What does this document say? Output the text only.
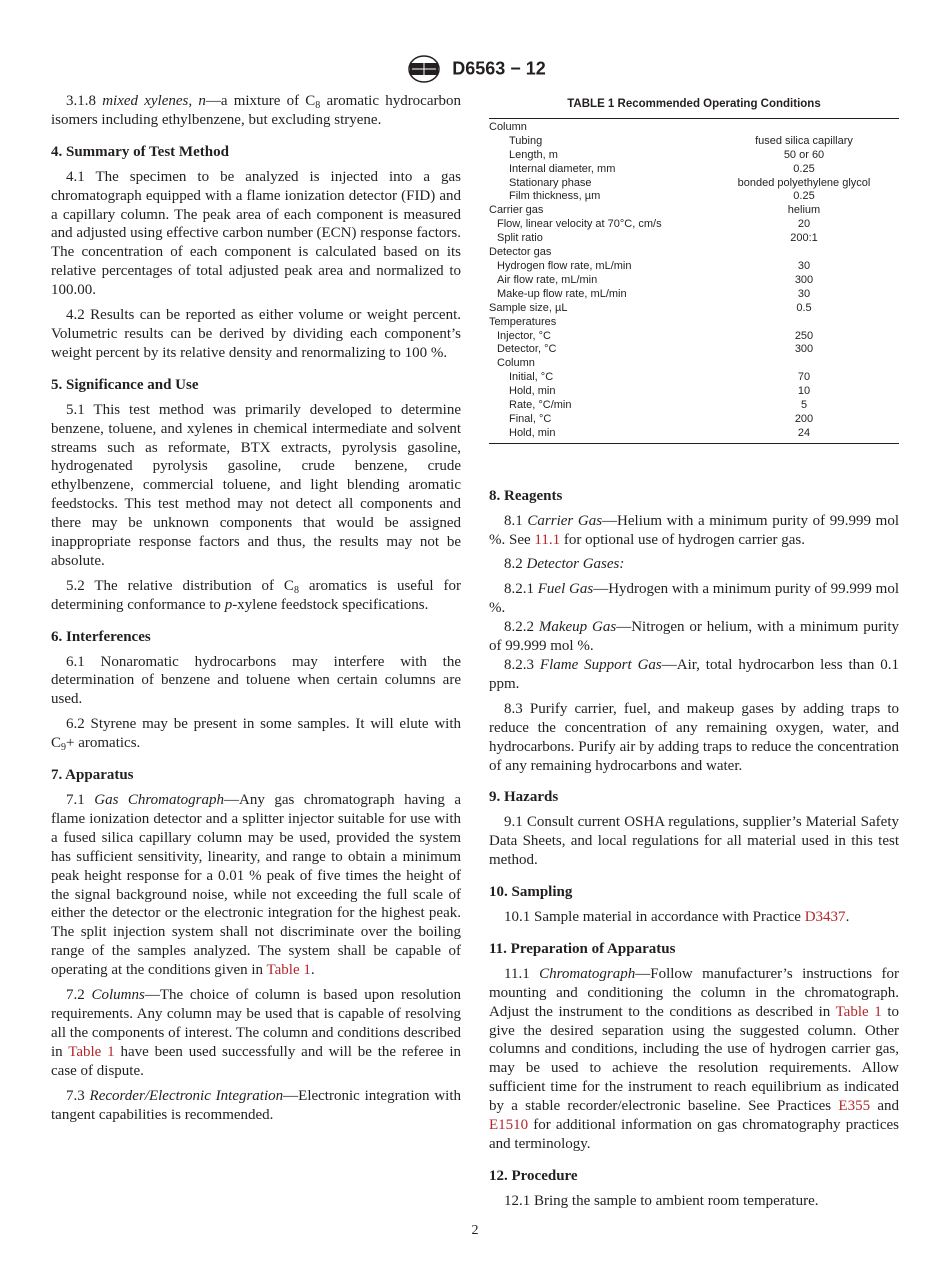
D6563 − 12

3.1.8 mixed xylenes, n—a mixture of $C_8$ aromatic hydrocarbon isomers including ethylbenzene, but excluding stryene.

4. Summary of Test Method

4.1 The specimen to be analyzed is injected into a gas chromatograph equipped with a flame ionization detector (FID) and a capillary column. The peak area of each component is measured and adjusted using effective carbon number (ECN) response factors. The concentration of each component is calculated based on its relative percentages of total adjusted peak area and normalized to 100.00.

4.2 Results can be reported as either volume or weight percent. Volumetric results can be derived by dividing each component’s weight percent by its relative density and renormalizing to 100 %.

5. Significance and Use

5.1 This test method was primarily developed to determine benzene, toluene, and xylenes in chemical intermediate and solvent streams such as reformate, BTX extracts, pyrolysis gasoline, hydrogenated pyrolysis gasoline, crude benzene, crude ethylbenzene, commercial toluene, and light blending aromatic feedstocks. This test method may not detect all components and there may be unknown components that would be assigned inappropriate response factors and thus, the results may not be absolute.

5.2 The relative distribution of $C_8$ aromatics is useful for determining conformance to p-xylene feedstock specifications.

6. Interferences

6.1 Nonaromatic hydrocarbons may interfere with the determination of benzene and toluene when certain columns are used.

6.2 Styrene may be present in some samples. It will elute with $C_9+$ aromatics.

7. Apparatus

7.1 Gas Chromatograph—Any gas chromatograph having a flame ionization detector and a splitter injector suitable for use with a fused silica capillary column may be used, provided the system has sufficient sensitivity, linearity, and range to obtain a minimum peak height response for a 0.01 % peak of five times the height of the signal background noise, while not exceeding the full scale of either the detector or the electronic integration for the highest peak. The split injection system shall not discriminate over the boiling range of the samples analyzed. The system shall be capable of operating at the conditions given in Table 1.

7.2 Columns—The choice of column is based upon resolution requirements. Any column may be used that is capable of resolving all the components of interest. The column and conditions described in Table 1 have been used successfully and will be the referee in case of dispute.

7.3 Recorder/Electronic Integration—Electronic integration with tangent capabilities is recommended.

TABLE 1 Recommended Operating Conditions

Column	
Tubing	fused silica capillary
Length, m	50 or 60
Internal diameter, mm	0.25
Stationary phase	bonded polyethylene glycol
Film thickness, µm	0.25
Carrier gas	helium
Flow, linear velocity at 70°C, cm/s	20
Split ratio	200:1
Detector gas	
Hydrogen flow rate, mL/min	30
Air flow rate, mL/min	300
Make-up flow rate, mL/min	30
Sample size, µL	0.5
Temperatures	
Injector, °C	250
Detector, °C	300
Column	
Initial, °C	70
Hold, min	10
Rate, °C/min	5
Final, °C	200
Hold, min	24

8. Reagents

8.1 Carrier Gas—Helium with a minimum purity of 99.999 mol %. See 11.1 for optional use of hydrogen carrier gas.

8.2 Detector Gases:

8.2.1 Fuel Gas—Hydrogen with a minimum purity of 99.999 mol %.

8.2.2 Makeup Gas—Nitrogen or helium, with a minimum purity of 99.999 mol %.

8.2.3 Flame Support Gas—Air, total hydrocarbon less than 0.1 ppm.

8.3 Purify carrier, fuel, and makeup gases by adding traps to reduce the concentration of any remaining oxygen, water, and hydrocarbons. Purify air by adding traps to reduce the concentration of any remaining hydrocarbons and water.

9. Hazards

9.1 Consult current OSHA regulations, supplier’s Material Safety Data Sheets, and local regulations for all material used in this test method.

10. Sampling

10.1 Sample material in accordance with Practice D3437.

11. Preparation of Apparatus

11.1 Chromatograph—Follow manufacturer’s instructions for mounting and conditioning the column in the chromatograph. Adjust the instrument to the conditions as described in Table 1 to give the desired separation using the suggested column. Other columns and conditions, including the use of hydrogen carrier gas, may be used to achieve the resolution requirements. Allow sufficient time for the instrument to reach equilibrium as indicated by a stable recorder/electronic baseline. See Practices E355 and E1510 for additional information on gas chromatography practices and terminology.

12. Procedure

12.1 Bring the sample to ambient room temperature.

2
